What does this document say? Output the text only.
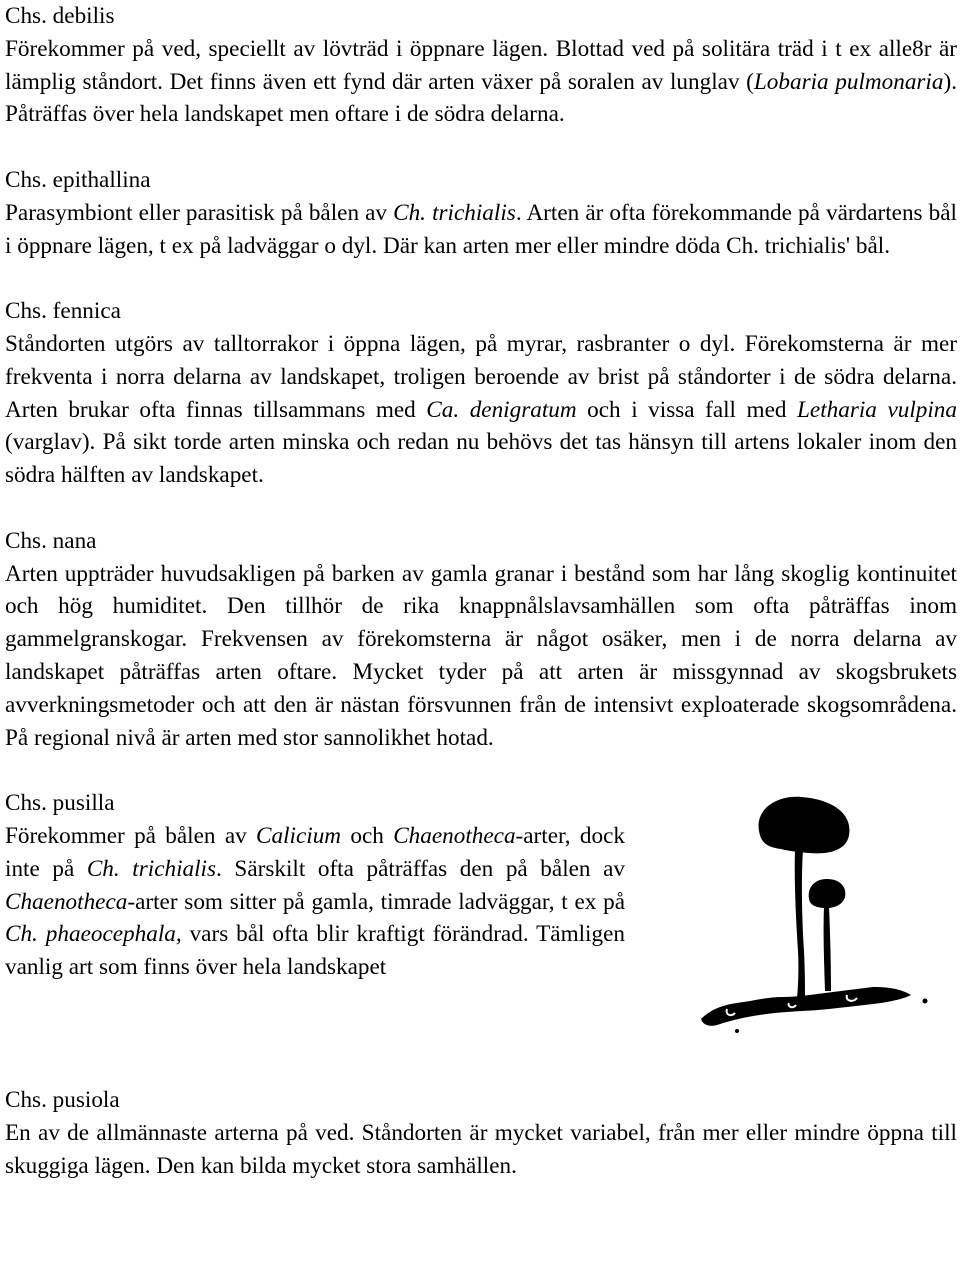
Chs. debilis

Förekommer på ved, speciellt av lövträd i öppnare lägen. Blottad ved på solitära träd i t ex alle8r är lämplig ståndort. Det finns även ett fynd där arten växer på soralen av lunglav (Lobaria pulmonaria). Påträffas över hela landskapet men oftare i de södra delarna.

Chs. epithallina

Parasymbiont eller parasitisk på bålen av Ch. trichialis. Arten är ofta förekommande på värdartens bål i öppnare lägen, t ex på ladväggar o dyl. Där kan arten mer eller mindre döda Ch. trichialis' bål.

Chs. fennica

Ståndorten utgörs av talltorrakor i öppna lägen, på myrar, rasbranter o dyl. Förekomsterna är mer frekventa i norra delarna av landskapet, troligen beroende av brist på ståndorter i de södra delarna. Arten brukar ofta finnas tillsammans med Ca. denigratum och i vissa fall med Letharia vulpina (varglav). På sikt torde arten minska och redan nu behövs det tas hänsyn till artens lokaler inom den södra hälften av landskapet.

Chs. nana

Arten uppträder huvudsakligen på barken av gamla granar i bestånd som har lång skoglig kontinuitet och hög humiditet. Den tillhör de rika knappnålslavsamhällen som ofta påträffas inom gammelgranskogar. Frekvensen av förekomsterna är något osäker, men i de norra delarna av landskapet påträffas arten oftare. Mycket tyder på att arten är missgynnad av skogsbrukets avverkningsmetoder och att den är nästan försvunnen från de intensivt exploaterade skogsområdena. På regional nivå är arten med stor sannolikhet hotad.

Chs. pusilla

Förekommer på bålen av Calicium och Chaenotheca-arter, dock inte på Ch. trichialis. Särskilt ofta påträffas den på bålen av Chaenotheca-arter som sitter på gamla, timrade ladväggar, t ex på Ch. phaeocephala, vars bål ofta blir kraftigt förändrad. Tämligen vanlig art som finns över hela landskapet

Chs. pusiola

En av de allmännaste arterna på ved. Ståndorten är mycket variabel, från mer eller mindre öppna till skuggiga lägen. Den kan bilda mycket stora samhällen.
